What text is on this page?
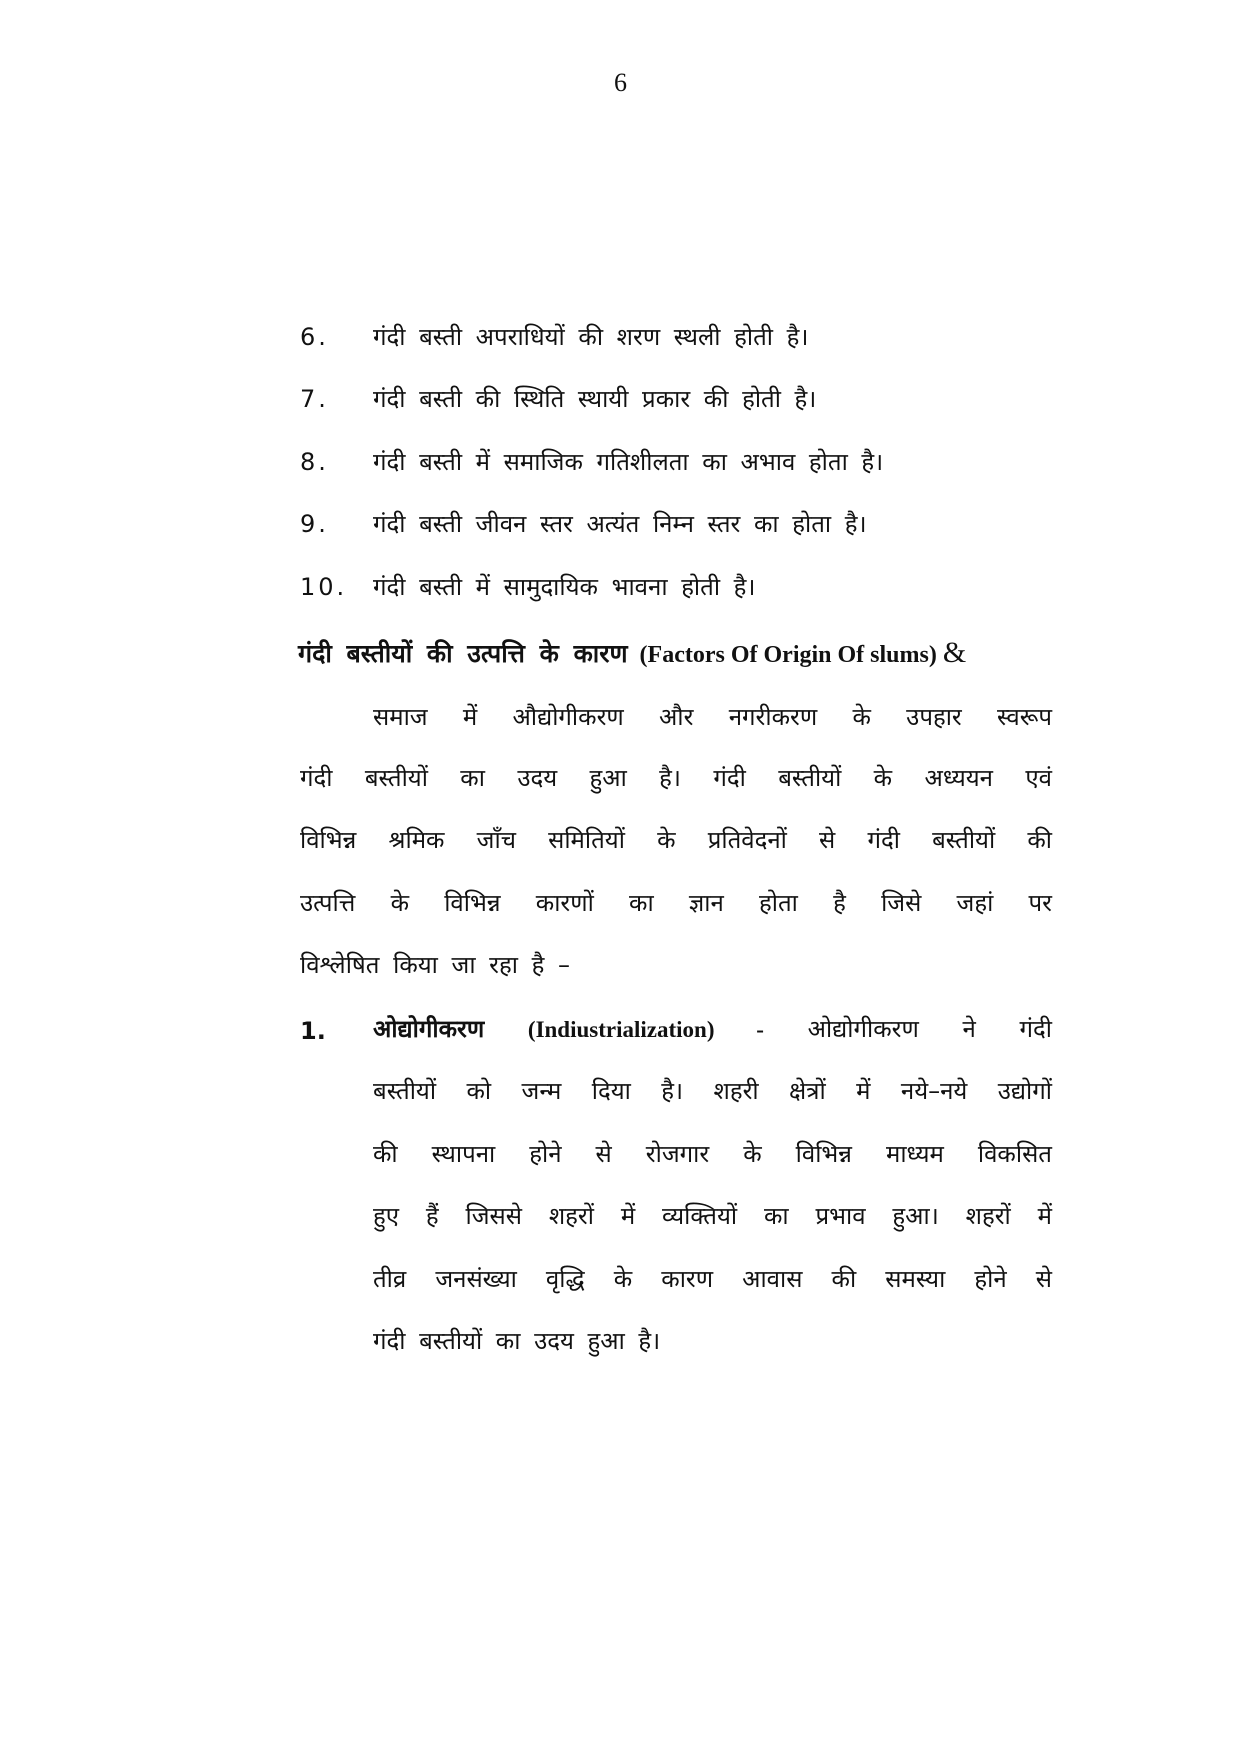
6
6. गंदी बस्ती अपराधियों की शरण स्थली होती है।
7. गंदी बस्ती की स्थिति स्थायी प्रकार की होती है।
8. गंदी बस्ती में समाजिक गतिशीलता का अभाव होता है।
9. गंदी बस्ती जीवन स्तर अत्यंत निम्न स्तर का होता है।
10. गंदी बस्ती में सामुदायिक भावना होती है।
गंदी बस्तीयों की उत्पत्ति के कारण (Factors Of Origin Of slums) &
समाज में औद्योगीकरण और नगरीकरण के उपहार स्वरूप
गंदी बस्तीयों का उदय हुआ है। गंदी बस्तीयों के अध्ययन एवं
विभिन्न श्रमिक जाँच समितियों के प्रतिवेदनों से गंदी बस्तीयों की
उत्पत्ति के विभिन्न कारणों का ज्ञान होता है जिसे जहां पर
विश्लेषित किया जा रहा है –
1. ओद्योगीकरण (Indiustrialization) - ओद्योगीकरण ने गंदी
बस्तीयों को जन्म दिया है। शहरी क्षेत्रों में नये–नये उद्योगों
की स्थापना होने से रोजगार के विभिन्न माध्यम विकसित
हुए हैं जिससे शहरों में व्यक्तियों का प्रभाव हुआ। शहरों में
तीव्र जनसंख्या वृद्धि के कारण आवास की समस्या होने से
गंदी बस्तीयों का उदय हुआ है।
